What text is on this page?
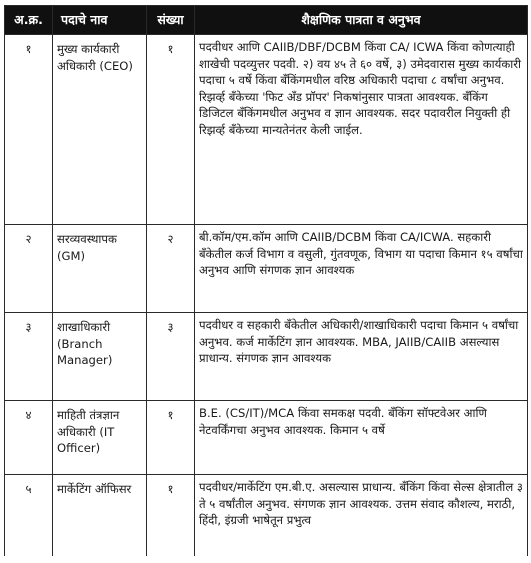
अ.क्र.	पदाचे नाव	संख्या	शैक्षणिक पात्रता व अनुभव
१	मुख्य कार्यकारी अधिकारी (CEO)	१	पदवीधर आणि CAIIB/DBF/DCBM किंवा CA/ ICWA किंवा कोणत्याही शाखेची पदव्युत्तर पदवी. २) वय ४५ ते ६० वर्षे, ३) उमेदवारास मुख्य कार्यकारी पदाचा ५ वर्षे किंवा बँकिंगमधील वरिष्ठ अधिकारी पदाचा ८ वर्षांचा अनुभव. रिझर्व्ह बँकेच्या 'फिट अँड प्रॉपर' निकषांनुसार पात्रता आवश्यक. बँकिंग डिजिटल बँकिंगमधील अनुभव व ज्ञान आवश्यक. सदर पदावरील नियुक्ती ही रिझर्व्ह बँकेच्या मान्यतेनंतर केली जाईल.
२	सरव्यवस्थापक (GM)	२	बी.कॉम/एम.कॉम आणि CAIIB/DCBM किंवा CA/ICWA. सहकारी बँकेतील कर्ज विभाग व वसुली, गुंतवणूक, विभाग या पदाचा किमान १५ वर्षांचा अनुभव आणि संगणक ज्ञान आवश्यक
३	शाखाधिकारी (Branch Manager)	३	पदवीधर व सहकारी बँकेतील अधिकारी/शाखाधिकारी पदाचा किमान ५ वर्षांचा अनुभव. कर्ज मार्केटिंग ज्ञान आवश्यक. MBA, JAIIB/CAIIB असल्यास प्राधान्य. संगणक ज्ञान आवश्यक
४	माहिती तंत्रज्ञान अधिकारी (IT Officer)	१	B.E. (CS/IT)/MCA किंवा समकक्ष पदवी. बँकिंग सॉफ्टवेअर आणि नेटवर्किंगचा अनुभव आवश्यक. किमान ५ वर्षे
५	मार्केटिंग ऑफिसर	१	पदवीधर/मार्केटिंग एम.बी.ए. असल्यास प्राधान्य. बँकिंग किंवा सेल्स क्षेत्रातील ३ ते ५ वर्षांतील अनुभव. संगणक ज्ञान आवश्यक. उत्तम संवाद कौशल्य, मराठी, हिंदी, इंग्रजी भाषेतून प्रभुत्व
